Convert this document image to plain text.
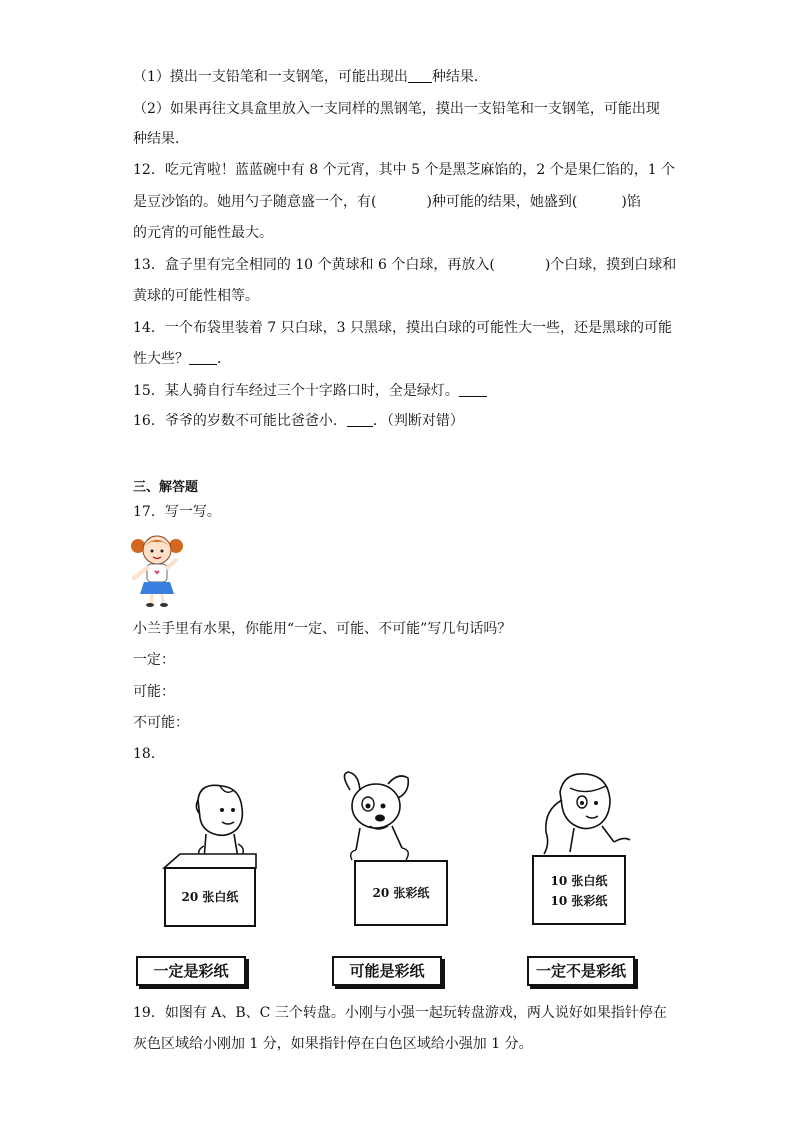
（1）摸出一支铅笔和一支钢笔，可能出现出 种结果．
（2）如果再往文具盒里放入一支同样的黑钢笔，摸出一支铅笔和一支钢笔，可能出现
种结果．
12．吃元宵啦！蓝蓝碗中有 8 个元宵，其中 5 个是黑芝麻馅的，2 个是果仁馅的，1 个
是豆沙馅的。她用勺子随意盛一个，有(	)种可能的结果，她盛到(	)馅
的元宵的可能性最大。
13．盒子里有完全相同的 10 个黄球和 6 个白球，再放入(	)个白球，摸到白球和
黄球的可能性相等。
14．一个布袋里装着 7 只白球，3 只黑球，摸出白球的可能性大一些，还是黑球的可能
性大些？ ．
15．某人骑自行车经过三个十字路口时，全是绿灯。
16．爷爷的岁数不可能比爸爸小． ．（判断对错）
三、解答题
17．写一写。
小兰手里有水果，你能用“一定、可能、不可能”写几句话吗？
一定：
可能：
不可能：
18．
20 张白纸	20 张彩纸
10 张白纸
10 张彩纸
一定是彩纸	可能是彩纸	一定不是彩纸
19．如图有 A、B、C 三个转盘。小刚与小强一起玩转盘游戏，两人说好如果指针停在
灰色区域给小刚加 1 分，如果指针停在白色区域给小强加 1 分。
